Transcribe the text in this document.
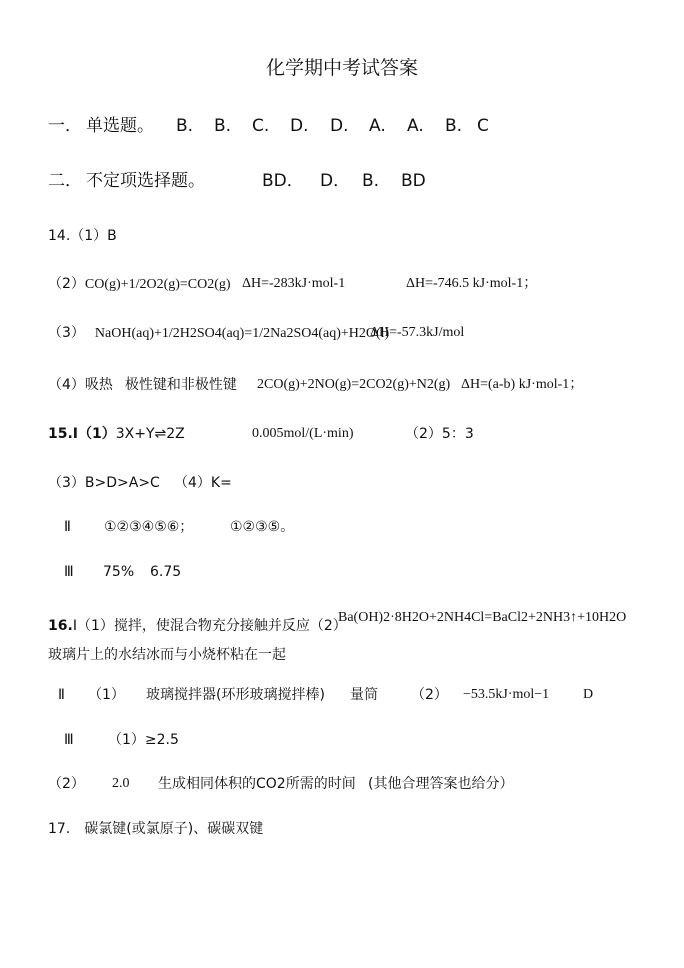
化学期中考试答案
一． 单选题。 B. B. C. D. D. A. A. B. C
二． 不定项选择题。	BD． D． B. BD
14.（1）B
（2）CO(g)+1/2O2(g)=CO2(g) ΔH=-283kJ·mol-1	ΔH=-746.5 kJ·mol-1；
（3） NaOH(aq)+1/2H2SO4(aq)=1/2Na2SO4(aq)+H2O(l)
ΔH=-57.3kJ/mol
（4）吸热 极性键和非极性键 2CO(g)+2NO(g)=2CO2(g)+N2(g) ΔH=(a-b) kJ·mol-1；
15.Ⅰ（1）3X+Y⇌2Z	0.005mol/(L·min)	（2）5：3
（3）B>D>A>C （4）K=
Ⅱ ①②③④⑤⑥；	①②③⑤。
Ⅲ 75% 6.75
16.Ⅰ（1）搅拌，使混合物充分接触并反应（2）
Ba(OH)2·8H2O+2NH4Cl=BaCl2+2NH3↑+10H2O
玻璃片上的水结冰而与小烧杯粘在一起
Ⅱ （1） 玻璃搅拌器(环形玻璃搅拌棒) 量筒 （2） −53.5kJ·mol−1 D
Ⅲ （1）≥2.5
（2） 2.0 生成相同体积的CO2所需的时间 (其他合理答案也给分）
17. 碳氯键(或氯原子)、碳碳双键
